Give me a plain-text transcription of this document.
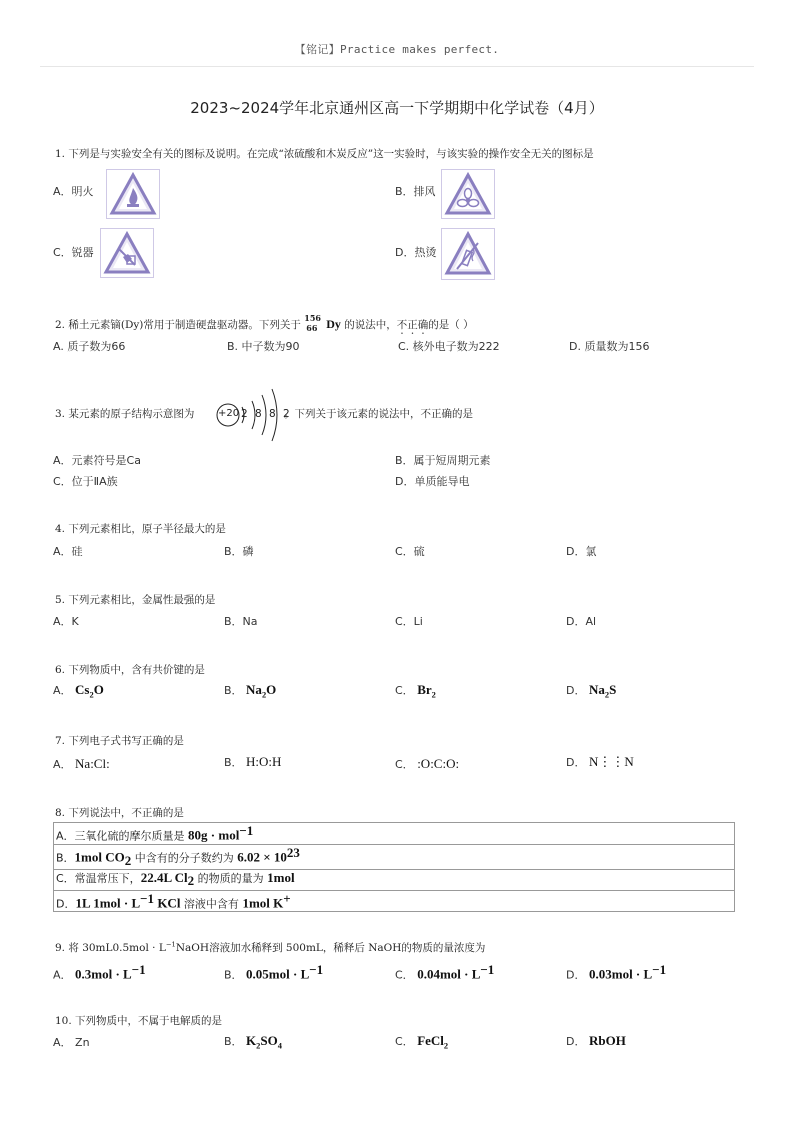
【铭记】Practice makes perfect.
2023~2024学年北京通州区高一下学期期中化学试卷（4月）
1. 下列是与实验安全有关的图标及说明。在完成“浓硫酸和木炭反应”这一实验时，与该实验的操作安全无关的图标是
A．明火	B．排风
C．锐器	D．热烫
2. 稀土元素镝(Dy)常用于制造硬盘驱动器。下列关于
156
66 Dy 的说法中，不正确的是（ ）
A. 质子数为66	B. 中子数为90	C. 核外电子数为222	D. 质量数为156
3. 某元素的原子结构示意图为 +20 2 8 8 2
。下列关于该元素的说法中，不正确的是
A．元素符号是Ca	B．属于短周期元素
C．位于ⅡA族	D．单质能导电
4. 下列元素相比，原子半径最大的是
A．硅	B．磷	C．硫	D．氯
5. 下列元素相比，金属性最强的是
A．K	B．Na	C．Li	D．Al
6. 下列物质中，含有共价键的是
A． $Cs_2O$	B． $Na_2O$	C． $Br_2$	D． $Na_2S$
7. 下列电子式书写正确的是
A． Na:Cl:	B． H:O:H	C． :O:C:O:	D． N⋮⋮N
8. 下列说法中，不正确的是
A．三氧化硫的摩尔质量是 80g · mol$^{-1}$
B．1mol $CO_2$ 中含有的分子数约为 $6.02 \times 10^{23}$
C．常温常压下，22.4L $Cl_2$ 的物质的量为 1mol
D．1L $1mol \cdot L^{-1}$ KCl 溶液中含有 1mol K+
9. 将 $30mL0.5mol \cdot L^{-1}NaOH$溶液加水稀释到 500mL，稀释后 NaOH的物质的量浓度为
A． $0.3mol \cdot L^{-1}$	B． $0.05mol \cdot L^{-1}$	C． $0.04mol \cdot L^{-1}$	D． $0.03mol \cdot L^{-1}$
10. 下列物质中，不属于电解质的是
A． Zn	B． $K_2SO_4$	C． FeCl$_2$	D． RbOH
